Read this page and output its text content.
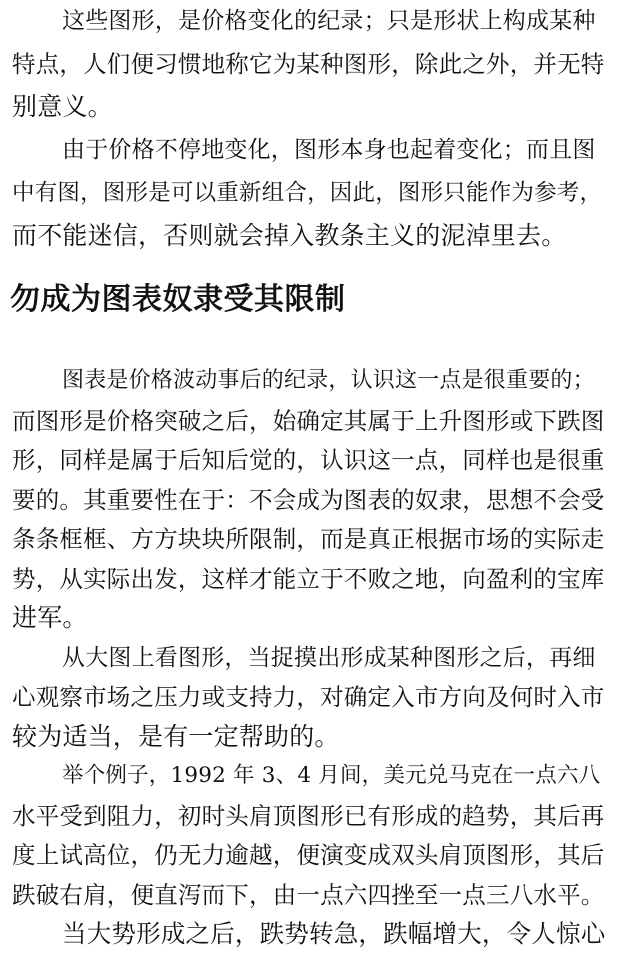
这些图形，是价格变化的纪录；只是形状上构成某种
特点，人们便习惯地称它为某种图形，除此之外，并无特
别意义。
由于价格不停地变化，图形本身也起着变化；而且图
中有图，图形是可以重新组合，因此，图形只能作为参考，
而不能迷信，否则就会掉入教条主义的泥淖里去。
勿成为图表奴隶受其限制
图表是价格波动事后的纪录，认识这一点是很重要的；
而图形是价格突破之后，始确定其属于上升图形或下跌图
形，同样是属于后知后觉的，认识这一点，同样也是很重
要的。其重要性在于：不会成为图表的奴隶，思想不会受
条条框框、方方块块所限制，而是真正根据市场的实际走
势，从实际出发，这样才能立于不败之地，向盈利的宝库
进军。
从大图上看图形，当捉摸出形成某种图形之后，再细
心观察市场之压力或支持力，对确定入市方向及何时入市
较为适当，是有一定帮助的。
举个例子，1992 年 3、4 月间，美元兑马克在一点六八
水平受到阻力，初时头肩顶图形已有形成的趋势，其后再
度上试高位，仍无力逾越，便演变成双头肩顶图形，其后
跌破右肩，便直泻而下，由一点六四挫至一点三八水平。
当大势形成之后，跌势转急，跌幅增大，令人惊心
